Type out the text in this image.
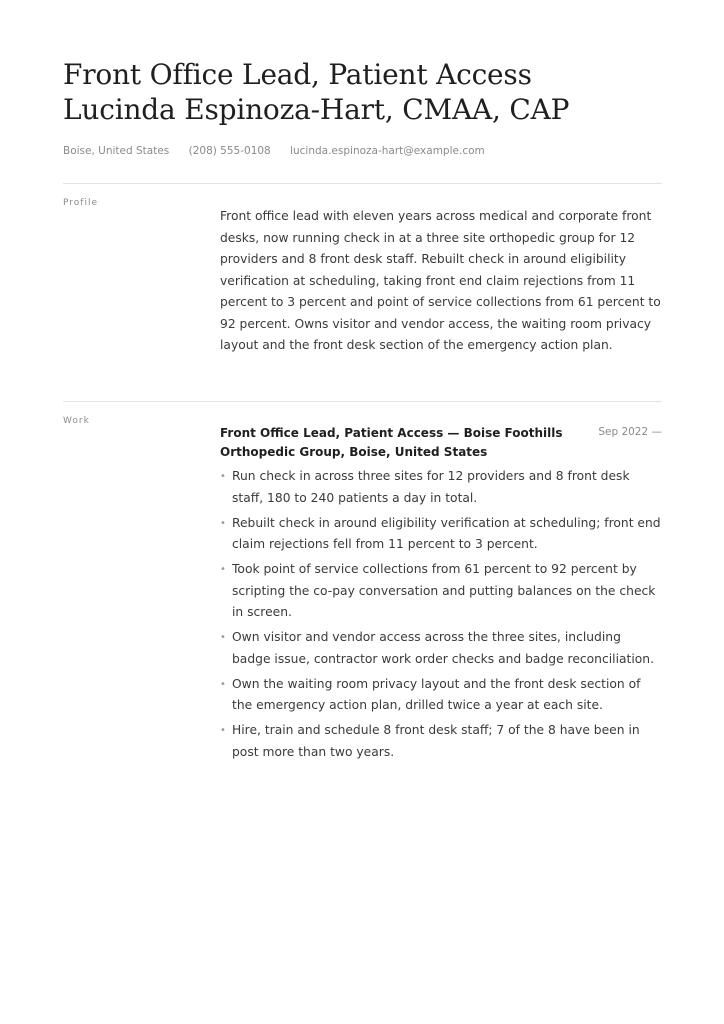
Front Office Lead, Patient Access
Lucinda Espinoza-Hart, CMAA, CAP
Boise, United States (208) 555-0108 lucinda.espinoza-hart@example.com
Profile
Front office lead with eleven years across medical and corporate front desks, now running check in at a three site orthopedic group for 12 providers and 8 front desk staff. Rebuilt check in around eligibility verification at scheduling, taking front end claim rejections from 11 percent to 3 percent and point of service collections from 61 percent to 92 percent. Owns visitor and vendor access, the waiting room privacy layout and the front desk section of the emergency action plan.
Work
Front Office Lead, Patient Access — Boise Foothills Orthopedic Group, Boise, United States
Sep 2022 —
• Run check in across three sites for 12 providers and 8 front desk staff, 180 to 240 patients a day in total.
• Rebuilt check in around eligibility verification at scheduling; front end claim rejections fell from 11 percent to 3 percent.
• Took point of service collections from 61 percent to 92 percent by scripting the co-pay conversation and putting balances on the check in screen.
• Own visitor and vendor access across the three sites, including badge issue, contractor work order checks and badge reconciliation.
• Own the waiting room privacy layout and the front desk section of the emergency action plan, drilled twice a year at each site.
• Hire, train and schedule 8 front desk staff; 7 of the 8 have been in post more than two years.
